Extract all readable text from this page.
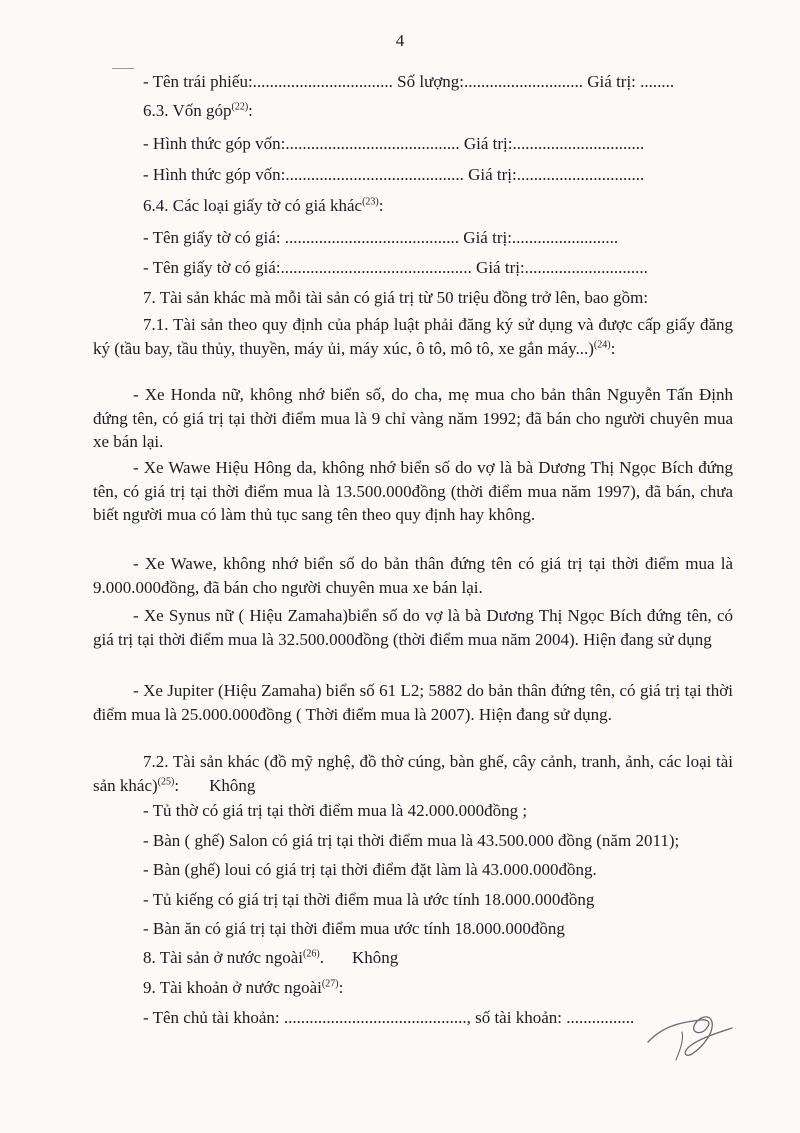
4
- Tên trái phiếu:................................. Số lượng:............................ Giá trị: ........
6.3. Vốn góp$^{(22)}$:
- Hình thức góp vốn:......................................... Giá trị:...............................
- Hình thức góp vốn:.......................................... Giá trị:..............................
6.4. Các loại giấy tờ có giá khác$^{(23)}$:
- Tên giấy tờ có giá: ......................................... Giá trị:.........................
- Tên giấy tờ có giá:............................................. Giá trị:.............................
7. Tài sản khác mà mỗi tài sản có giá trị từ 50 triệu đồng trở lên, bao gồm:
7.1. Tài sản theo quy định của pháp luật phải đăng ký sử dụng và được cấp giấy đăng ký (tầu bay, tầu thủy, thuyền, máy ủi, máy xúc, ô tô, mô tô, xe gắn máy...)$^{(24)}$:
- Xe Honda nữ, không nhớ biển số, do cha, mẹ mua cho bản thân Nguyễn Tấn Định đứng tên, có giá trị tại thời điểm mua là 9 chỉ vàng năm 1992; đã bán cho người chuyên mua xe bán lại.
- Xe Wawe Hiệu Hông da, không nhớ biển số do vợ là bà Dương Thị Ngọc Bích đứng tên, có giá trị tại thời điểm mua là 13.500.000đồng (thời điểm mua năm 1997), đã bán, chưa biết người mua có làm thủ tục sang tên theo quy định hay không.
- Xe Wawe, không nhớ biển số do bản thân đứng tên có giá trị tại thời điểm mua là 9.000.000đồng, đã bán cho người chuyên mua xe bán lại.
- Xe Synus nữ ( Hiệu Zamaha)biển số do vợ là bà Dương Thị Ngọc Bích đứng tên, có giá trị tại thời điểm mua là 32.500.000đồng (thời điểm mua năm 2004). Hiện đang sử dụng
- Xe Jupiter (Hiệu Zamaha) biển số 61 L2; 5882 do bản thân đứng tên, có giá trị tại thời điểm mua là 25.000.000đồng ( Thời điểm mua là 2007). Hiện đang sử dụng.
7.2. Tài sản khác (đồ mỹ nghệ, đồ thờ cúng, bàn ghế, cây cảnh, tranh, ảnh, các loại tài sản khác)$^{(25)}$: Không
- Tủ thờ có giá trị tại thời điểm mua là 42.000.000đồng ;
- Bàn ( ghế) Salon có giá trị tại thời điểm mua là 43.500.000 đồng (năm 2011);
- Bàn (ghế) loui có giá trị tại thời điểm đặt làm là 43.000.000đồng.
- Tủ kiếng có giá trị tại thời điểm mua là ước tính 18.000.000đồng
- Bàn ăn có giá trị tại thời điểm mua ước tính 18.000.000đồng
8. Tài sản ở nước ngoài$^{(26)}$. Không
9. Tài khoản ở nước ngoài$^{(27)}$:
- Tên chủ tài khoản: ..........................................., số tài khoản: ................
